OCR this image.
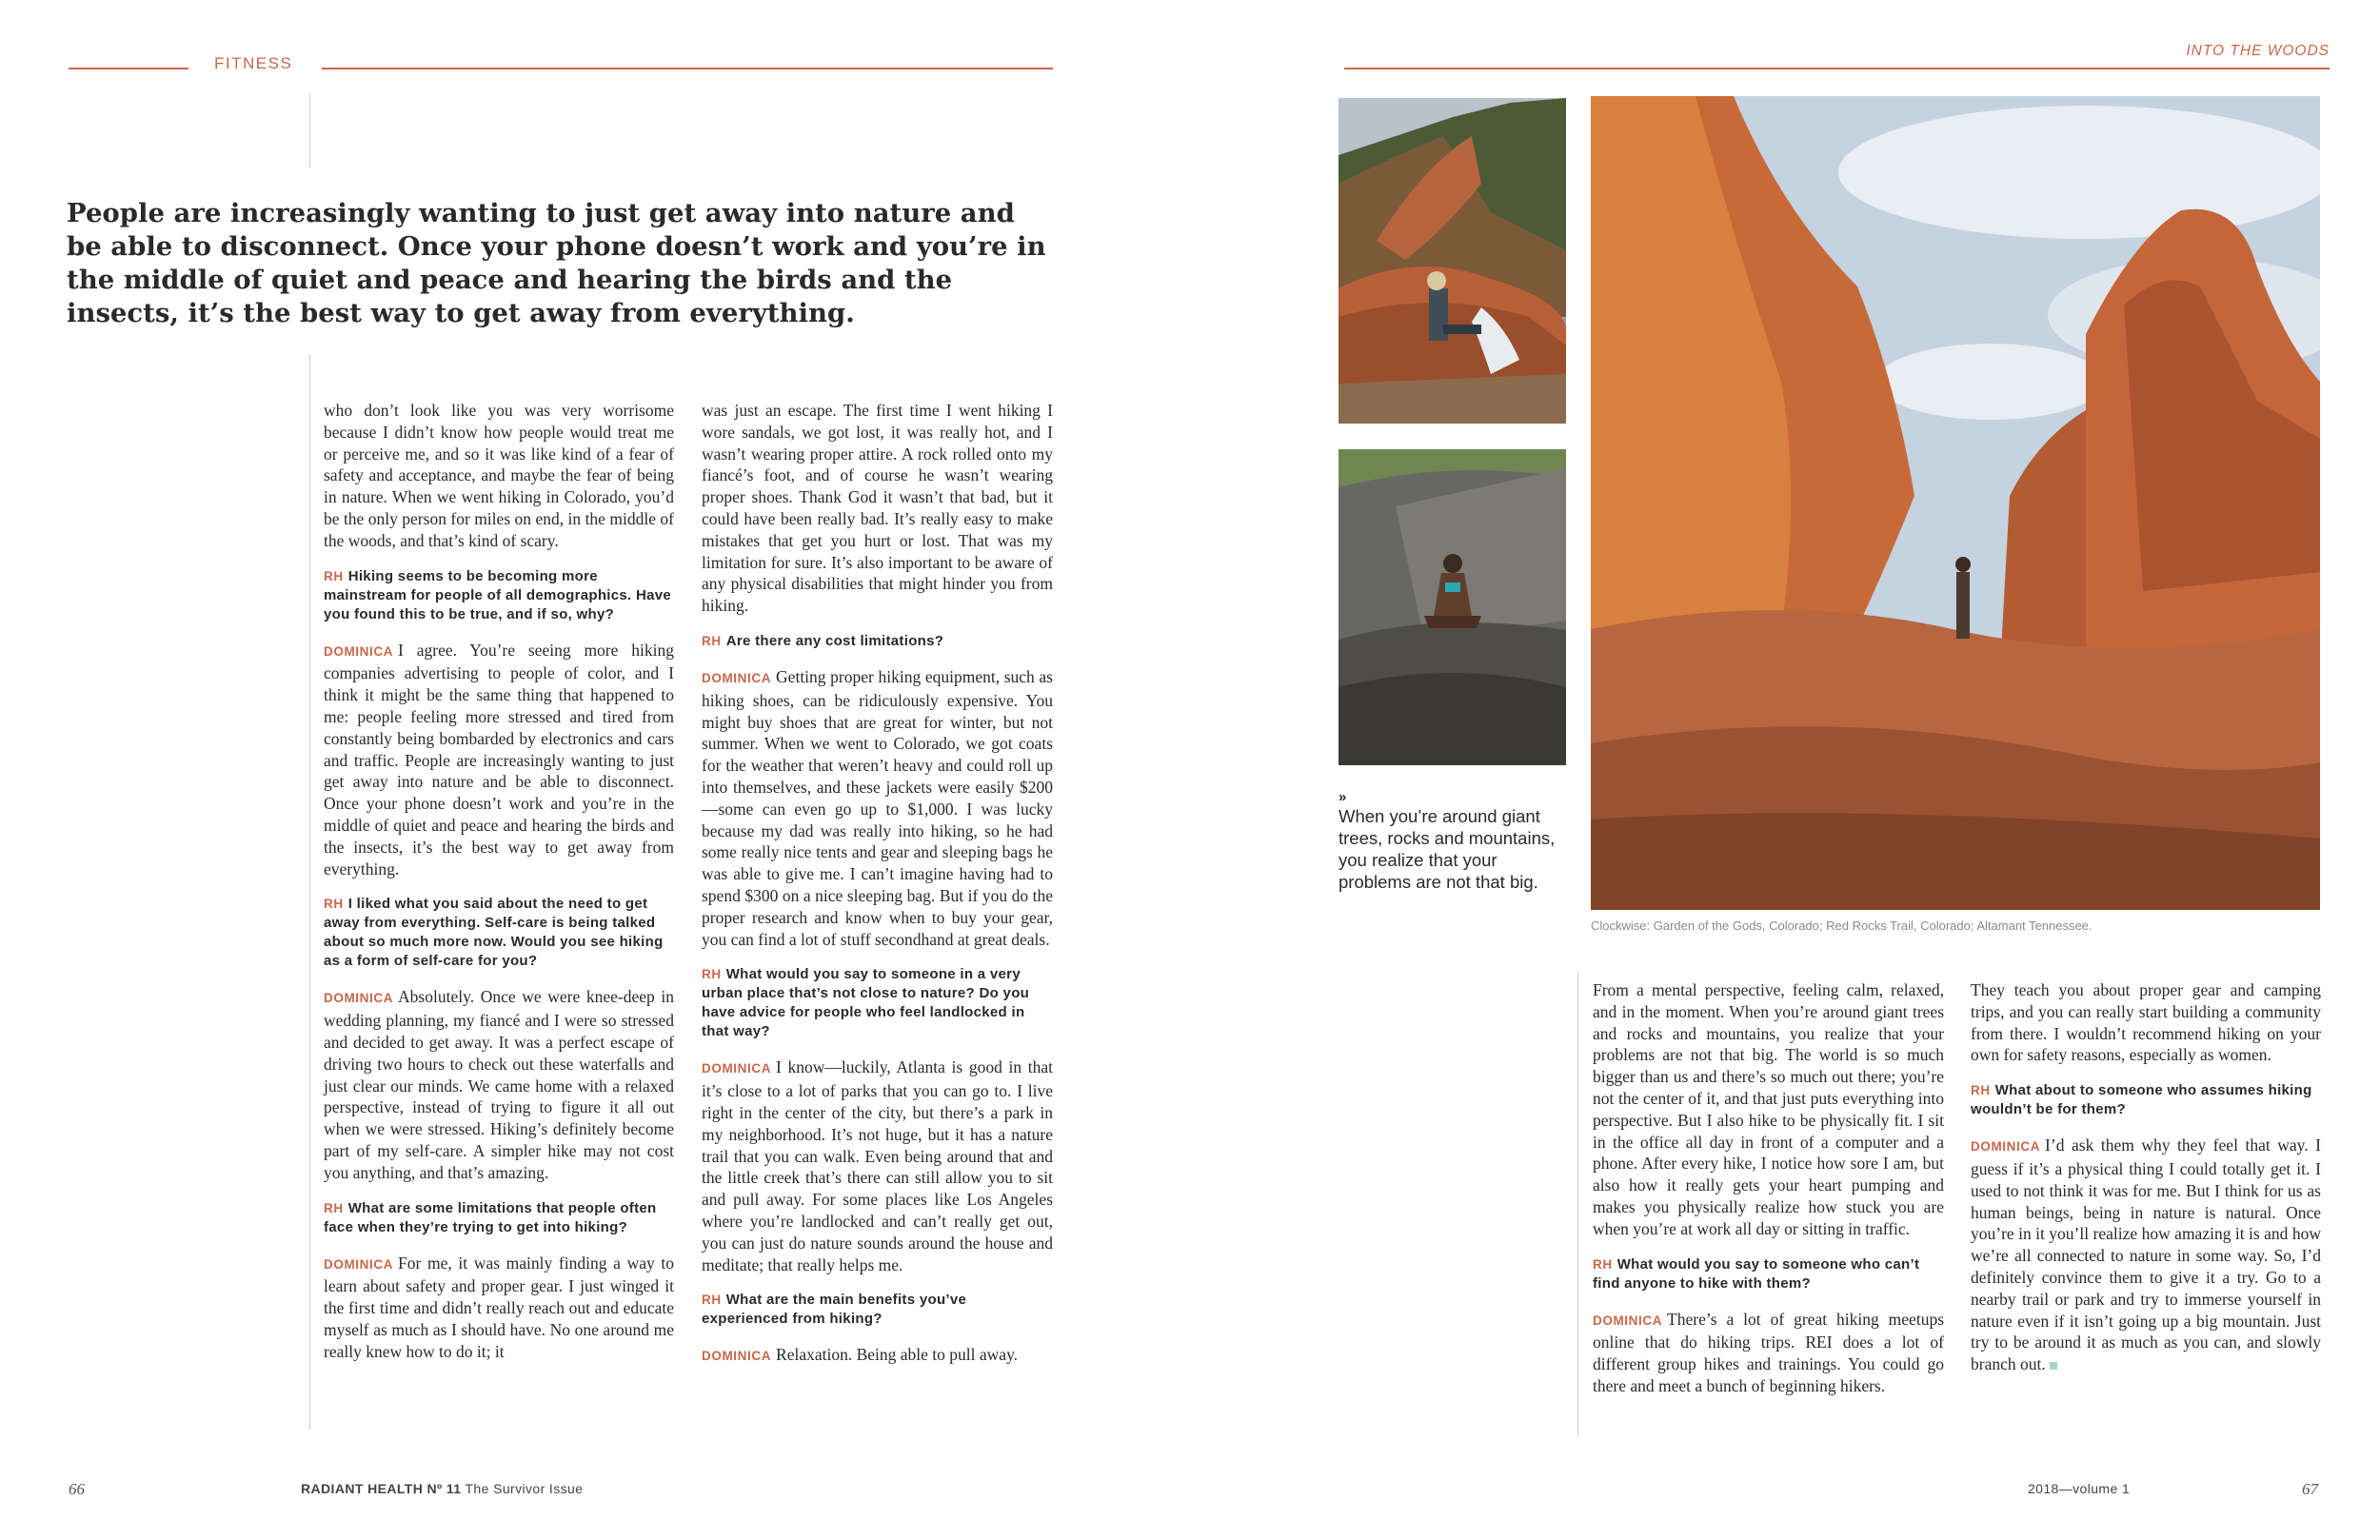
FITNESS
INTO THE WOODS
People are increasingly wanting to just get away into nature and be able to disconnect. Once your phone doesn’t work and you’re in the middle of quiet and peace and hearing the birds and the insects, it’s the best way to get away from everything.

who don’t look like you was very worrisome because I didn’t know how people would treat me or perceive me, and so it was like kind of a fear of safety and acceptance, and maybe the fear of being in nature. When we went hiking in Colorado, you’d be the only person for miles on end, in the middle of the woods, and that’s kind of scary.

RH Hiking seems to be becoming more mainstream for people of all demographics. Have you found this to be true, and if so, why?

DOMINICA I agree. You’re seeing more hiking companies advertising to people of color, and I think it might be the same thing that happened to me: people feeling more stressed and tired from constantly being bombarded by electronics and cars and traffic. People are increasingly wanting to just get away into nature and be able to disconnect. Once your phone doesn’t work and you’re in the middle of quiet and peace and hearing the birds and the insects, it’s the best way to get away from everything.

RH I liked what you said about the need to get away from everything. Self-care is being talked about so much more now. Would you see hiking as a form of self-care for you?

DOMINICA Absolutely. Once we were knee-deep in wedding planning, my fiancé and I were so stressed and decided to get away. It was a perfect escape of driving two hours to check out these waterfalls and just clear our minds. We came home with a relaxed perspective, instead of trying to figure it all out when we were stressed. Hiking’s definitely become part of my self-care. A simpler hike may not cost you anything, and that’s amazing.

RH What are some limitations that people often face when they’re trying to get into hiking?

DOMINICA For me, it was mainly finding a way to learn about safety and proper gear. I just winged it the first time and didn’t really reach out and educate myself as much as I should have. No one around me really knew how to do it; it

was just an escape. The first time I went hiking I wore sandals, we got lost, it was really hot, and I wasn’t wearing proper attire. A rock rolled onto my fiancé’s foot, and of course he wasn’t wearing proper shoes. Thank God it wasn’t that bad, but it could have been really bad. It’s really easy to make mistakes that get you hurt or lost. That was my limitation for sure. It’s also important to be aware of any physical disabilities that might hinder you from hiking.

RH Are there any cost limitations?

DOMINICA Getting proper hiking equipment, such as hiking shoes, can be ridiculously expensive. You might buy shoes that are great for winter, but not summer. When we went to Colorado, we got coats for the weather that weren’t heavy and could roll up into themselves, and these jackets were easily $200—some can even go up to $1,000. I was lucky because my dad was really into hiking, so he had some really nice tents and gear and sleeping bags he was able to give me. I can’t imagine having had to spend $300 on a nice sleeping bag. But if you do the proper research and know when to buy your gear, you can find a lot of stuff secondhand at great deals.

RH What would you say to someone in a very urban place that’s not close to nature? Do you have advice for people who feel landlocked in that way?

DOMINICA I know—luckily, Atlanta is good in that it’s close to a lot of parks that you can go to. I live right in the center of the city, but there’s a park in my neighborhood. It’s not huge, but it has a nature trail that you can walk. Even being around that and the little creek that’s there can still allow you to sit and pull away. For some places like Los Angeles where you’re landlocked and can’t really get out, you can just do nature sounds around the house and meditate; that really helps me.

RH What are the main benefits you’ve experienced from hiking?

DOMINICA Relaxation. Being able to pull away.

From a mental perspective, feeling calm, relaxed, and in the moment. When you’re around giant trees and rocks and mountains, you realize that your problems are not that big. The world is so much bigger than us and there’s so much out there; you’re not the center of it, and that just puts everything into perspective. But I also hike to be physically fit. I sit in the office all day in front of a computer and a phone. After every hike, I notice how sore I am, but also how it really gets your heart pumping and makes you physically realize how stuck you are when you’re at work all day or sitting in traffic.

RH What would you say to someone who can’t find anyone to hike with them?

DOMINICA There’s a lot of great hiking meetups online that do hiking trips. REI does a lot of different group hikes and trainings. You could go there and meet a bunch of beginning hikers.

They teach you about proper gear and camping trips, and you can really start building a community from there. I wouldn’t recommend hiking on your own for safety reasons, especially as women.

RH What about to someone who assumes hiking wouldn’t be for them?

DOMINICA I’d ask them why they feel that way. I guess if it’s a physical thing I could totally get it. I used to not think it was for me. But I think for us as human beings, being in nature is natural. Once you’re in it you’ll realize how amazing it is and how we’re all connected to nature in some way. So, I’d definitely convince them to give it a try. Go to a nearby trail or park and try to immerse yourself in nature even if it isn’t going up a big mountain. Just try to be around it as much as you can, and slowly branch out.

»
When you’re around giant trees, rocks and mountains, you realize that your problems are not that big.
Clockwise: Garden of the Gods, Colorado; Red Rocks Trail, Colorado; Altamant Tennessee.
66	RADIANT HEALTH Nº 11 The Survivor Issue	2018—volume 1	67
